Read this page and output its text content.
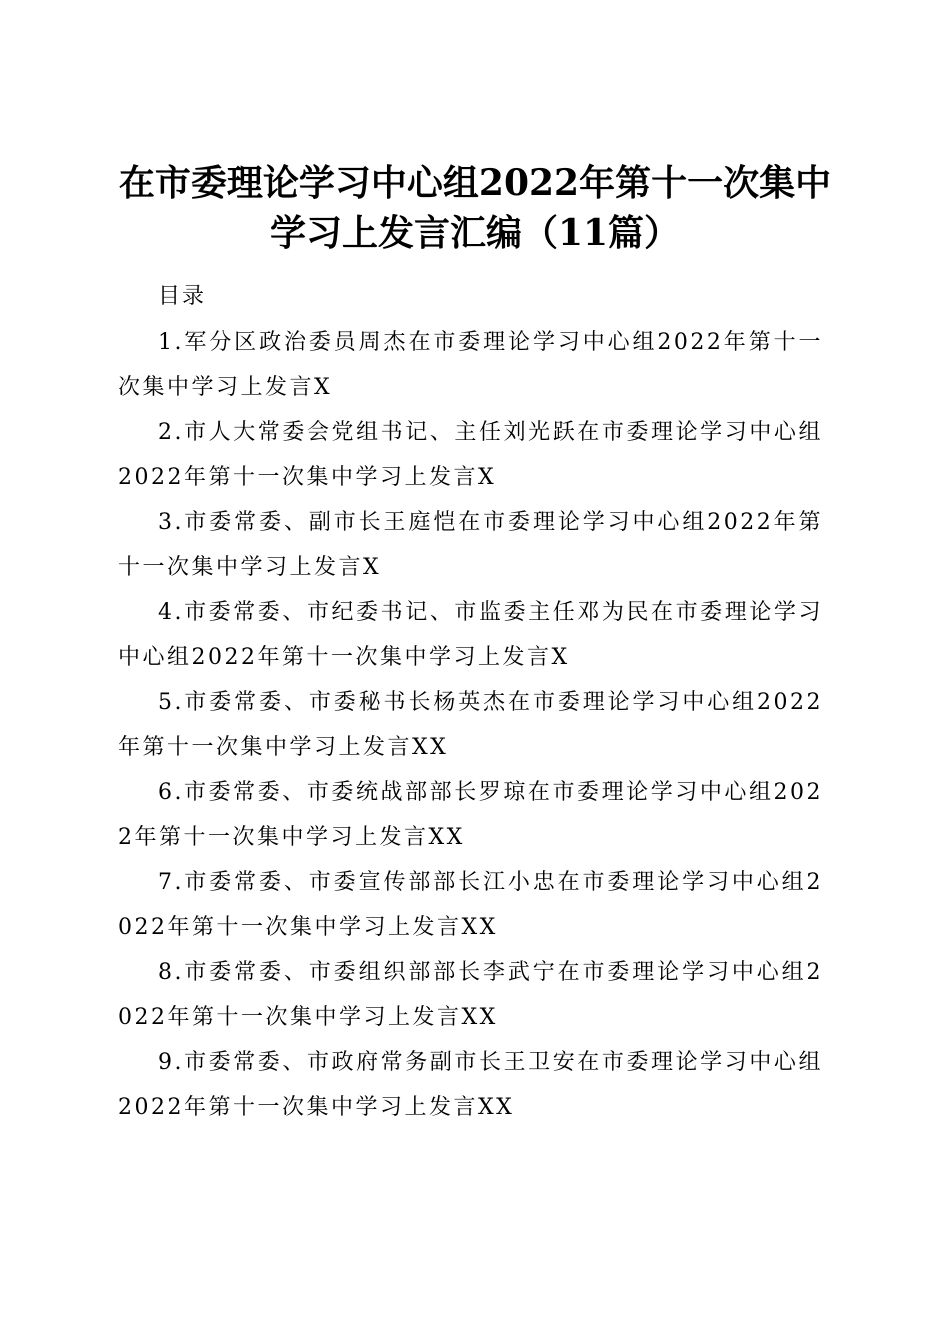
在市委理论学习中心组2022年第十一次集中
学习上发言汇编（11篇）
目录
1.军分区政治委员周杰在市委理论学习中心组2022年第十一次集中学习上发言X
2.市人大常委会党组书记、主任刘光跃在市委理论学习中心组2022年第十一次集中学习上发言X
3.市委常委、副市长王庭恺在市委理论学习中心组2022年第十一次集中学习上发言X
4.市委常委、市纪委书记、市监委主任邓为民在市委理论学习中心组2022年第十一次集中学习上发言X
5.市委常委、市委秘书长杨英杰在市委理论学习中心组2022年第十一次集中学习上发言XX
6.市委常委、市委统战部部长罗琼在市委理论学习中心组2022年第十一次集中学习上发言XX
7.市委常委、市委宣传部部长江小忠在市委理论学习中心组2022年第十一次集中学习上发言XX
8.市委常委、市委组织部部长李武宁在市委理论学习中心组2022年第十一次集中学习上发言XX
9.市委常委、市政府常务副市长王卫安在市委理论学习中心组2022年第十一次集中学习上发言XX
